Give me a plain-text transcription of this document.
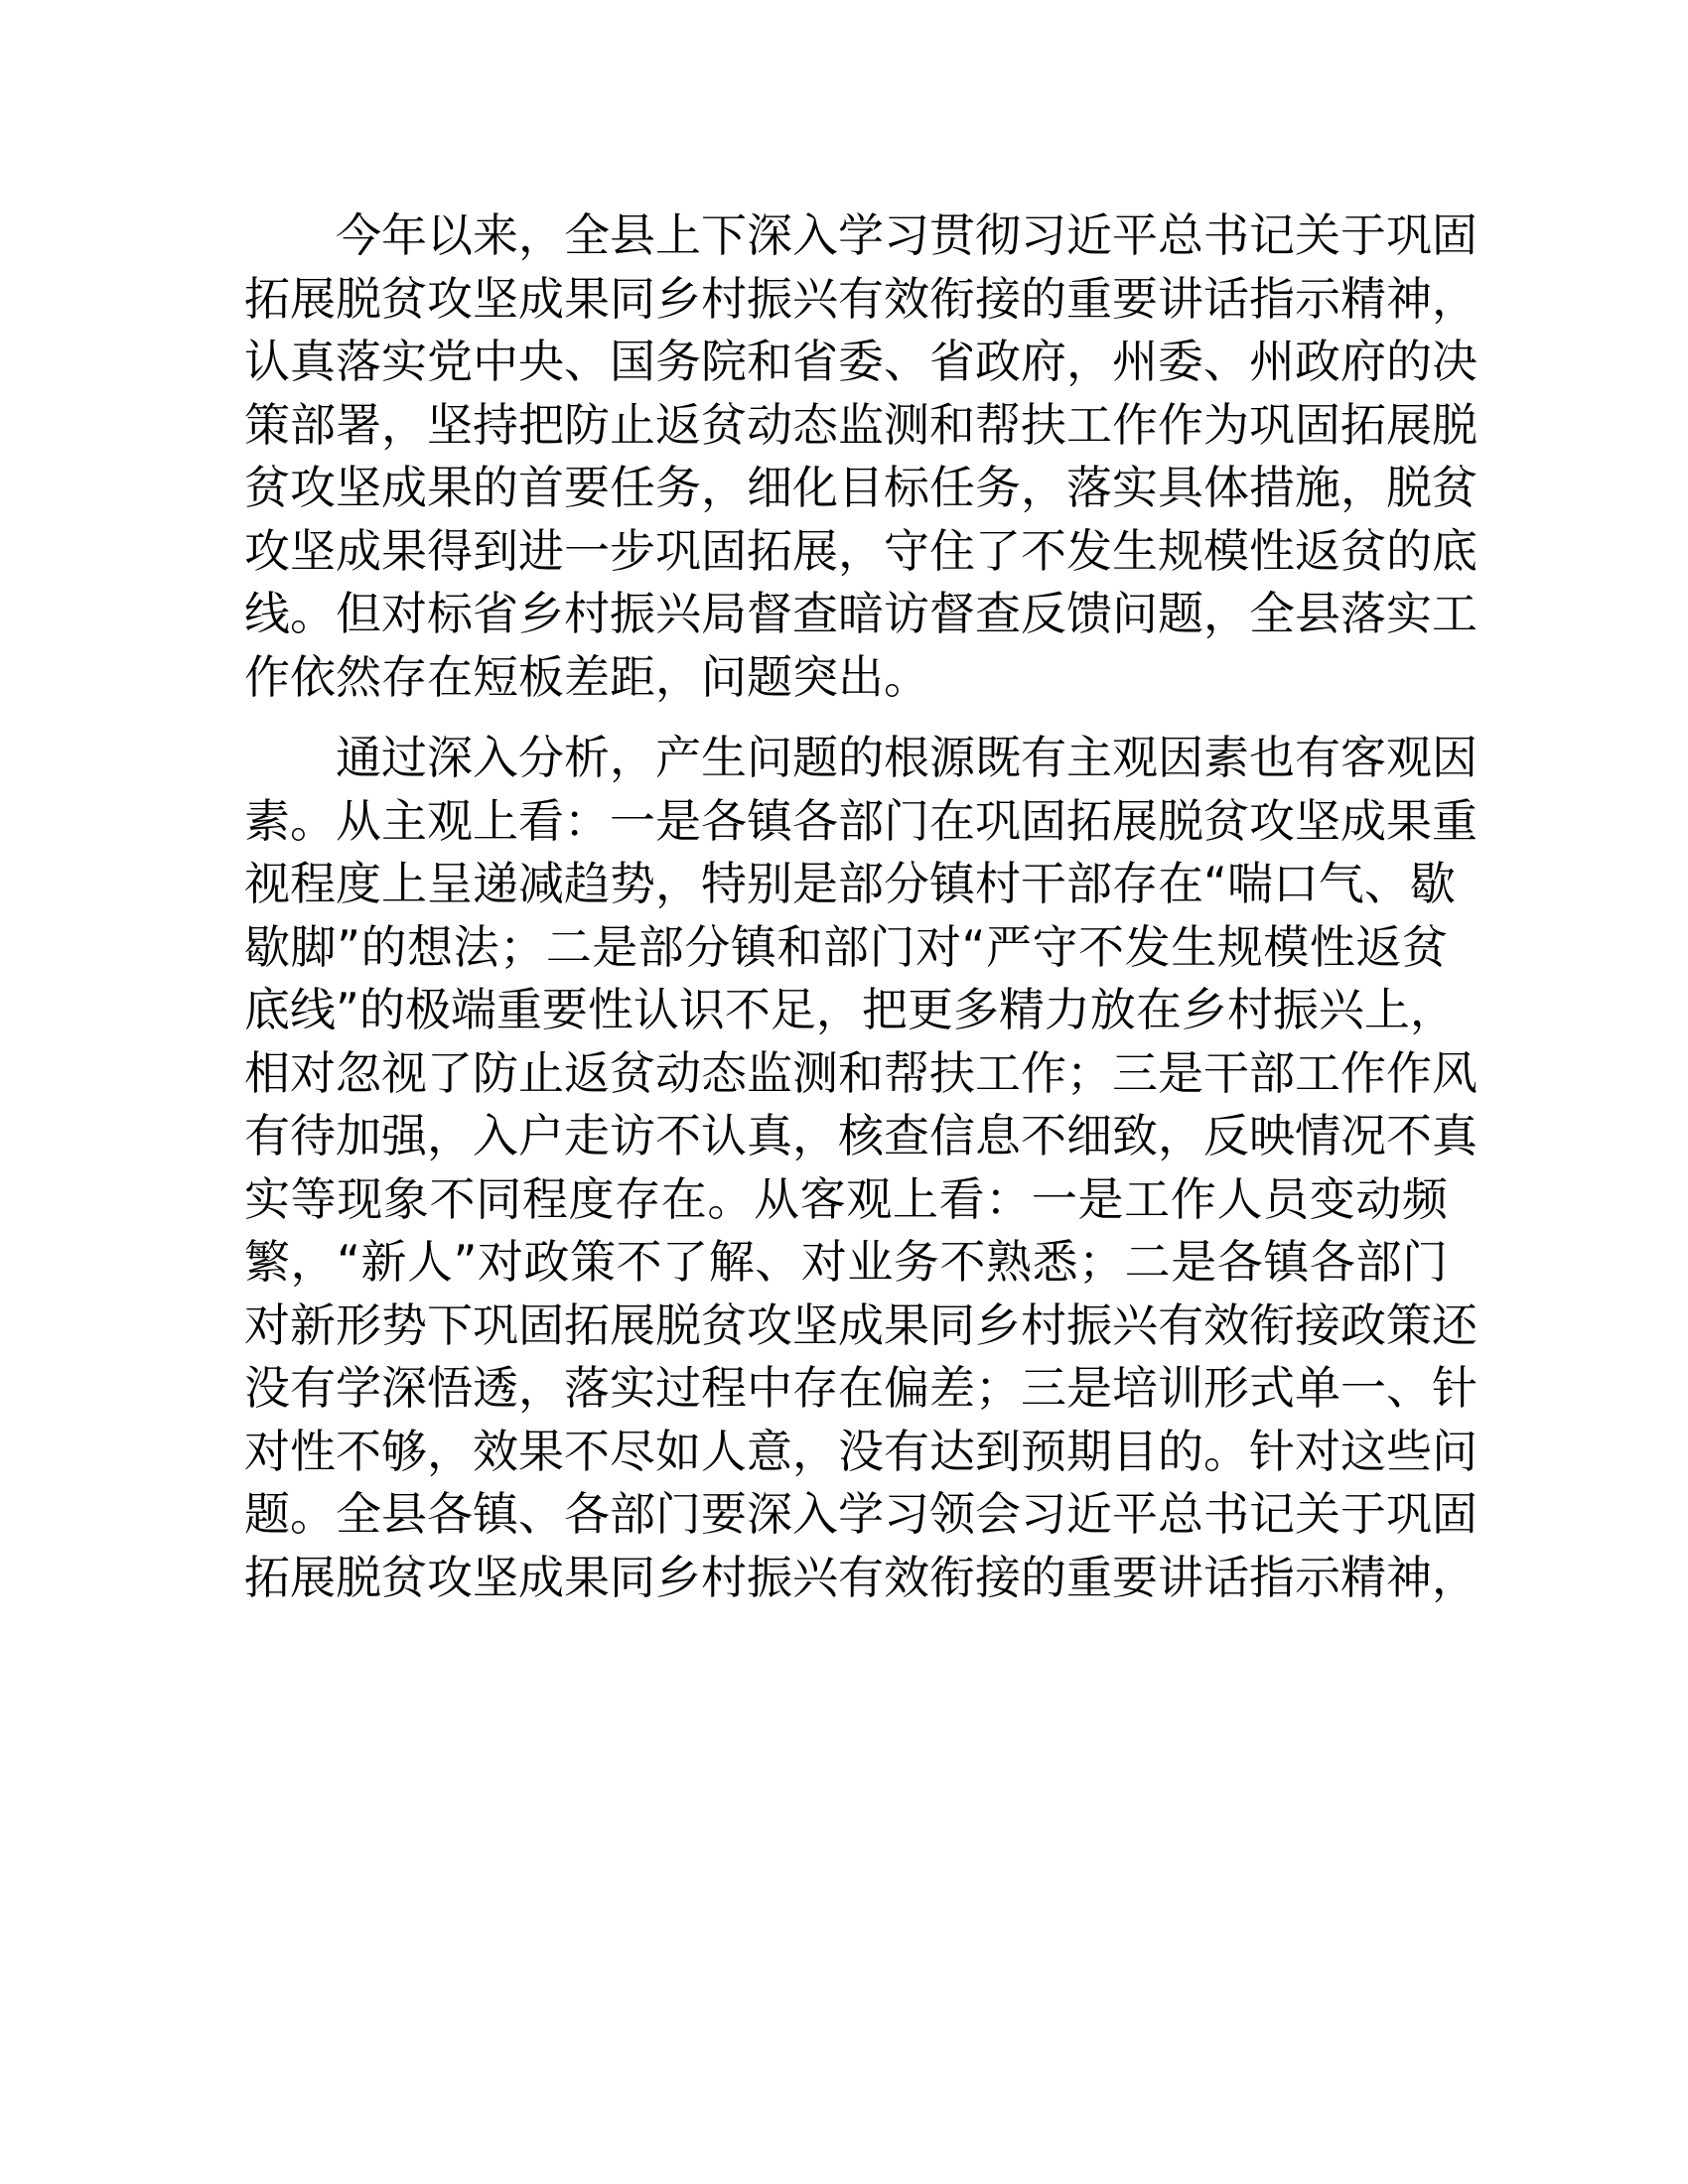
　　今年以来，全县上下深入学习贯彻习近平总书记关于巩固
拓展脱贫攻坚成果同乡村振兴有效衔接的重要讲话指示精神，
认真落实党中央、国务院和省委、省政府，州委、州政府的决
策部署，坚持把防止返贫动态监测和帮扶工作作为巩固拓展脱
贫攻坚成果的首要任务，细化目标任务，落实具体措施，脱贫
攻坚成果得到进一步巩固拓展，守住了不发生规模性返贫的底
线。但对标省乡村振兴局督查暗访督查反馈问题，全县落实工
作依然存在短板差距，问题突出。
　　通过深入分析，产生问题的根源既有主观因素也有客观因
素。从主观上看：一是各镇各部门在巩固拓展脱贫攻坚成果重
视程度上呈递减趋势，特别是部分镇村干部存在“喘口气、歇
歇脚”的想法；二是部分镇和部门对“严守不发生规模性返贫
底线”的极端重要性认识不足，把更多精力放在乡村振兴上，
相对忽视了防止返贫动态监测和帮扶工作；三是干部工作作风
有待加强，入户走访不认真，核查信息不细致，反映情况不真
实等现象不同程度存在。从客观上看：一是工作人员变动频
繁，“新人”对政策不了解、对业务不熟悉；二是各镇各部门
对新形势下巩固拓展脱贫攻坚成果同乡村振兴有效衔接政策还
没有学深悟透，落实过程中存在偏差；三是培训形式单一、针
对性不够，效果不尽如人意，没有达到预期目的。针对这些问
题。全县各镇、各部门要深入学习领会习近平总书记关于巩固
拓展脱贫攻坚成果同乡村振兴有效衔接的重要讲话指示精神，
